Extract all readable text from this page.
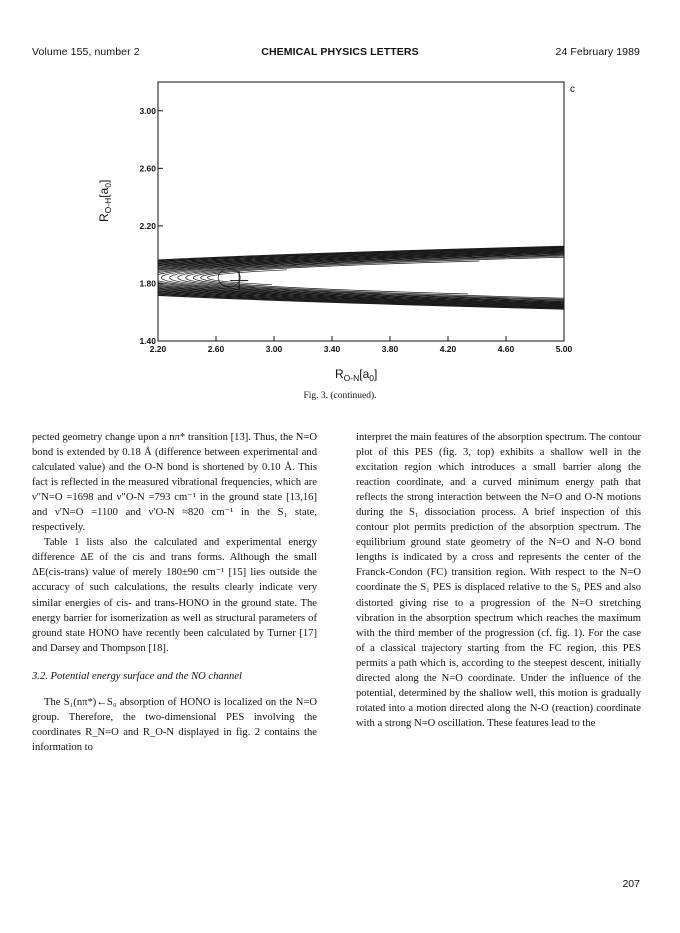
Volume 155, number 2	CHEMICAL PHYSICS LETTERS	24 February 1989
2.20	2.60	3.00	3.40	3.80	4.20	4.60	5.00
1.40
1.80
2.20
2.60
3.00
c
$R_{O-N}[a_0]$
$R_{O-H}[a_0]$
Fig. 3. (continued).

pected geometry change upon a nπ* transition [13]. Thus, the N=O bond is extended by 0.18 Å (difference between experimental and calculated value) and the O-N bond is shortened by 0.10 Å. This fact is reflected in the measured vibrational frequencies, which are ν″N=O =1698 and ν″O-N =793 cm⁻¹ in the ground state [13,16] and ν′N=O =1100 and ν′O-N ≈820 cm⁻¹ in the S₁ state, respectively.

Table 1 lists also the calculated and experimental energy difference ΔE of the cis and trans forms. Although the small ΔE(cis-trans) value of merely 180±90 cm⁻¹ [15] lies outside the accuracy of such calculations, the results clearly indicate very similar energies of cis- and trans-HONO in the ground state. The energy barrier for isomerization as well as structural parameters of ground state HONO have recently been calculated by Turner [17] and Darsey and Thompson [18].

3.2. Potential energy surface and the NO channel

The S₁(nπ*)←S₀ absorption of HONO is localized on the N=O group. Therefore, the two-dimensional PES involving the coordinates R_N=O and R_O-N displayed in fig. 2 contains the information to

interpret the main features of the absorption spectrum. The contour plot of this PES (fig. 3, top) exhibits a shallow well in the excitation region which introduces a small barrier along the reaction coordinate, and a curved minimum energy path that reflects the strong interaction between the N=O and O-N motions during the S₁ dissociation process. A brief inspection of this contour plot permits prediction of the absorption spectrum. The equilibrium ground state geometry of the N=O and N-O bond lengths is indicated by a cross and represents the center of the Franck-Condon (FC) transition region. With respect to the N=O coordinate the S₁ PES is displaced relative to the S₀ PES and also distorted giving rise to a progression of the N=O stretching vibration in the absorption spectrum which reaches the maximum with the third member of the progression (cf. fig. 1). For the case of a classical trajectory starting from the FC region, this PES permits a path which is, according to the steepest descent, initially directed along the N=O coordinate. Under the influence of the potential, determined by the shallow well, this motion is gradually rotated into a motion directed along the N-O (reaction) coordinate with a strong N=O oscillation. These features lead to the

207
